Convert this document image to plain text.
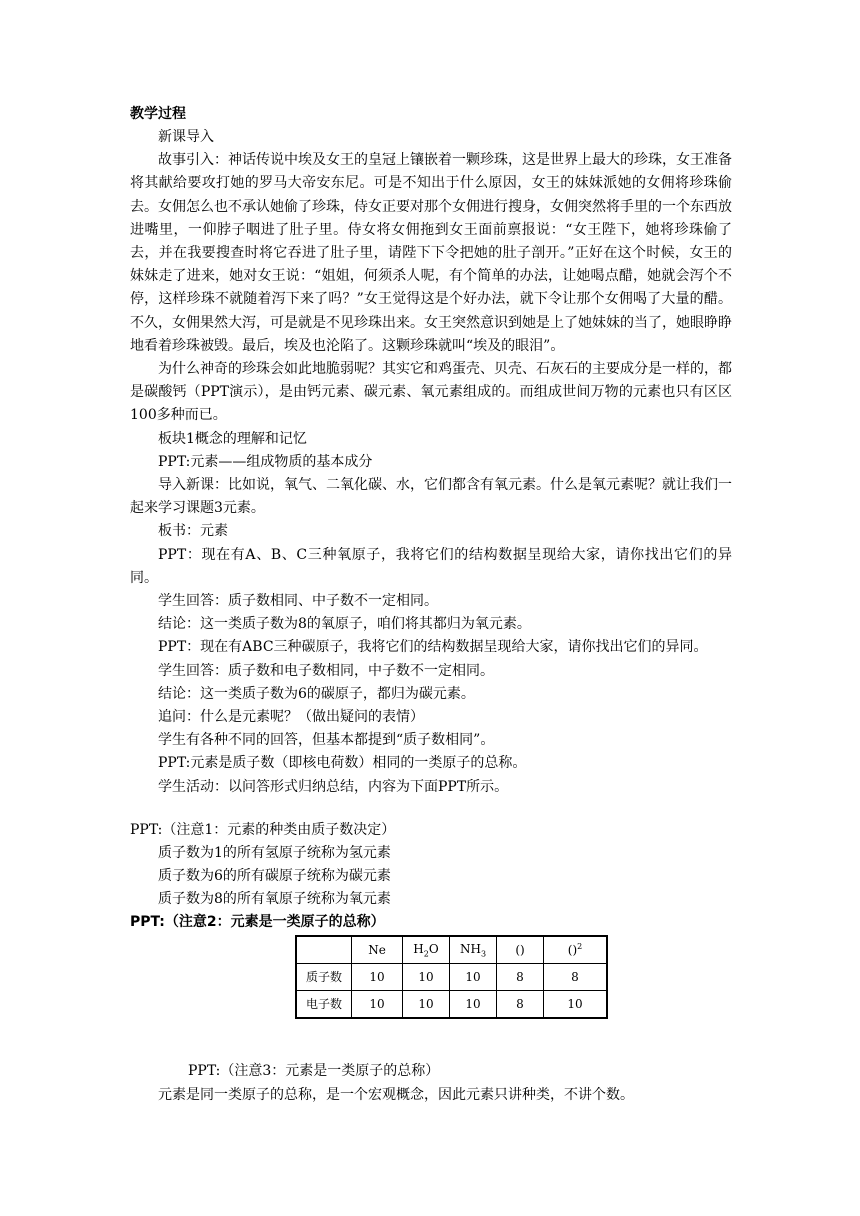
教学过程

新课导入

故事引入：神话传说中埃及女王的皇冠上镶嵌着一颗珍珠，这是世界上最大的珍珠，女王准备将其献给要攻打她的罗马大帝安东尼。可是不知出于什么原因，女王的妹妹派她的女佣将珍珠偷去。女佣怎么也不承认她偷了珍珠，侍女正要对那个女佣进行搜身，女佣突然将手里的一个东西放进嘴里，一仰脖子咽进了肚子里。侍女将女佣拖到女王面前禀报说：“女王陛下，她将珍珠偷了去，并在我要搜查时将它吞进了肚子里，请陛下下令把她的肚子剖开。”正好在这个时候，女王的妹妹走了进来，她对女王说：“姐姐，何须杀人呢，有个简单的办法，让她喝点醋，她就会泻个不停，这样珍珠不就随着泻下来了吗？”女王觉得这是个好办法，就下令让那个女佣喝了大量的醋。不久，女佣果然大泻，可是就是不见珍珠出来。女王突然意识到她是上了她妹妹的当了，她眼睁睁地看着珍珠被毁。最后，埃及也沦陷了。这颗珍珠就叫“埃及的眼泪”。

为什么神奇的珍珠会如此地脆弱呢？其实它和鸡蛋壳、贝壳、石灰石的主要成分是一样的，都是碳酸钙（PPT演示），是由钙元素、碳元素、氧元素组成的。而组成世间万物的元素也只有区区100多种而已。

板块1概念的理解和记忆

PPT:元素——组成物质的基本成分

导入新课：比如说，氧气、二氧化碳、水，它们都含有氧元素。什么是氧元素呢？就让我们一起来学习课题3元素。

板书：元素

PPT：现在有A、B、C三种氧原子，我将它们的结构数据呈现给大家，请你找出它们的异同。

学生回答：质子数相同、中子数不一定相同。

结论：这一类质子数为8的氧原子，咱们将其都归为氧元素。

PPT：现在有ABC三种碳原子，我将它们的结构数据呈现给大家，请你找出它们的异同。

学生回答：质子数和电子数相同，中子数不一定相同。

结论：这一类质子数为6的碳原子，都归为碳元素。

追问：什么是元素呢？（做出疑问的表情）

学生有各种不同的回答，但基本都提到“质子数相同”。

PPT:元素是质子数（即核电荷数）相同的一类原子的总称。

学生活动：以问答形式归纳总结，内容为下面PPT所示。

PPT:（注意1：元素的种类由质子数决定）
质子数为1的所有氢原子统称为氢元素
质子数为6的所有碳原子统称为碳元素
质子数为8的所有氧原子统称为氧元素
PPT:（注意2：元素是一类原子的总称）
	Ne	$H_2O$	$NH_3$	()	()$^2$
质子数	10	10	10	8	8
电子数	10	10	10	8	10
PPT:（注意3：元素是一类原子的总称）
元素是同一类原子的总称，是一个宏观概念，因此元素只讲种类，不讲个数。
